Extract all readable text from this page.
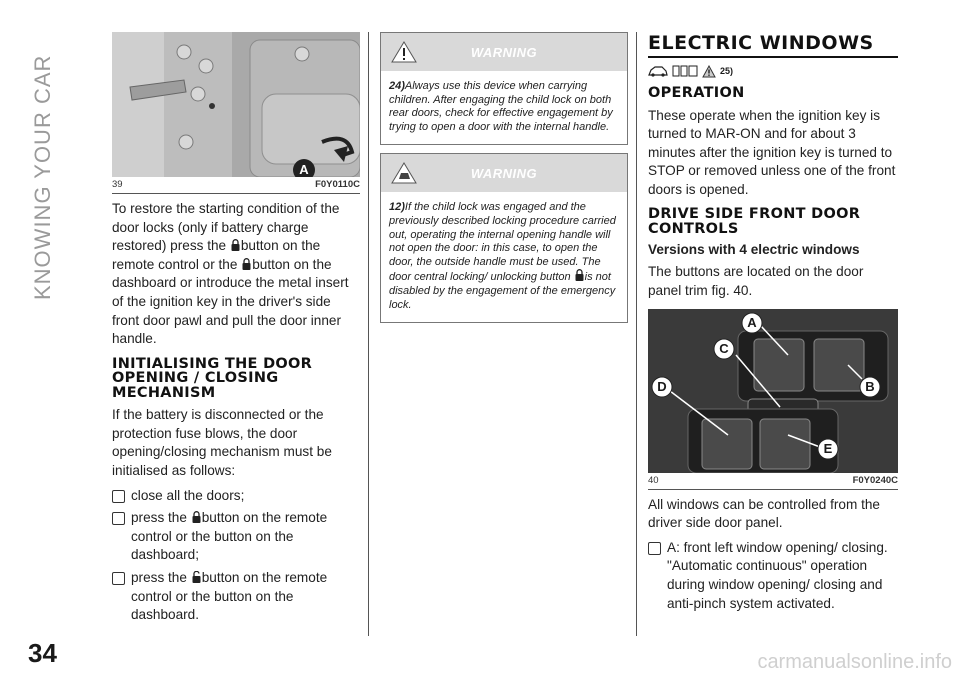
KNOWING YOUR CAR	A
39	F0Y0110C

To restore the starting condition of the door locks (only if battery charge restored) press the button on the remote control or the button on the dashboard or introduce the metal insert of the ignition key in the driver's side front door pawl and pull the door inner handle.

INITIALISING THE DOOR OPENING / CLOSING MECHANISM

If the battery is disconnected or the protection fuse blows, the door opening/closing mechanism must be initialised as follows:

close all the doors;
press the button on the remote control or the button on the dashboard;
press the button on the remote control or the button on the dashboard.
WARNING
24)Always use this device when carrying children. After engaging the child lock on both rear doors, check for effective engagement by trying to open a door with the internal handle.
WARNING
12)If the child lock was engaged and the previously described locking procedure carried out, operating the internal opening handle will not open the door: in this case, to open the door, the outside handle must be used. The door central locking/ unlocking button is not disabled by the engagement of the emergency lock.
ELECTRIC WINDOWS
25)
OPERATION

These operate when the ignition key is turned to MAR-ON and for about 3 minutes after the ignition key is turned to STOP or removed unless one of the front doors is opened.

DRIVE SIDE FRONT DOOR CONTROLS
Versions with 4 electric windows

The buttons are located on the door panel trim fig. 40.

A
B
C
D
E
40	F0Y0240C

All windows can be controlled from the driver side door panel.

A: front left window opening/ closing. "Automatic continuous" operation during window opening/ closing and anti-pinch system activated.
34	carmanualsonline.info
